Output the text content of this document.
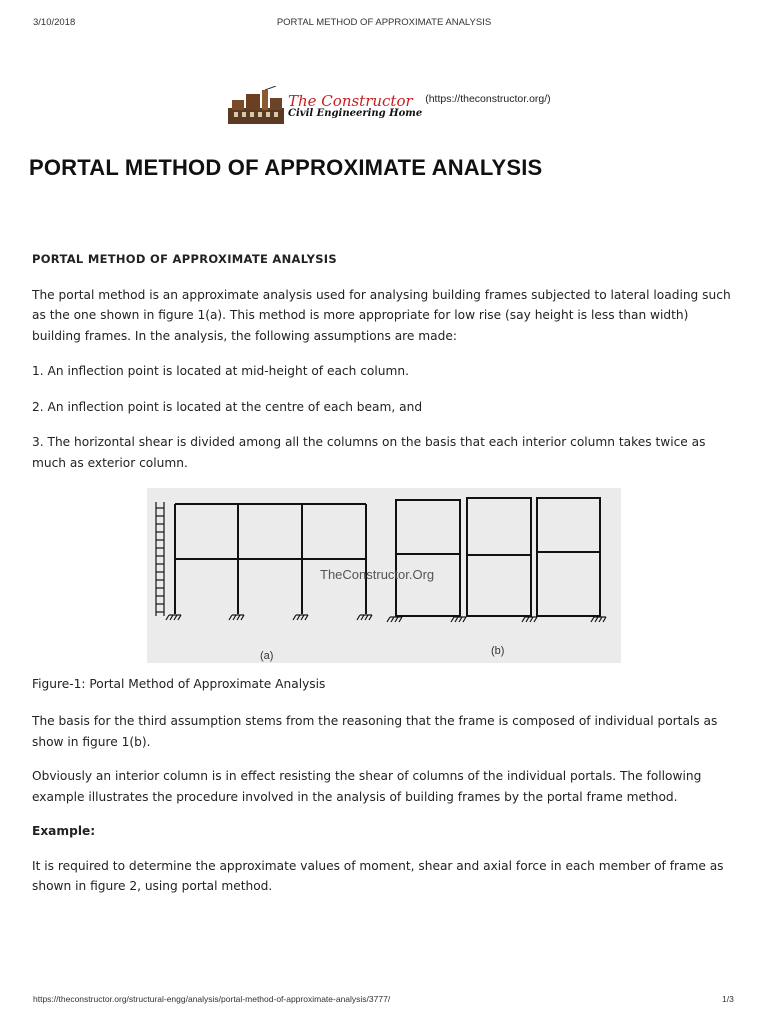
3/10/2018	PORTAL METHOD OF APPROXIMATE ANALYSIS
The Constructor
Civil Engineering Home
(https://theconstructor.org/)
PORTAL METHOD OF APPROXIMATE ANALYSIS

PORTAL METHOD OF APPROXIMATE ANALYSIS

The portal method is an approximate analysis used for analysing building frames subjected to lateral loading such as the one shown in figure 1(a). This method is more appropriate for low rise (say height is less than width) building frames. In the analysis, the following assumptions are made:

1. An inflection point is located at mid-height of each column.

2. An inflection point is located at the centre of each beam, and

3. The horizontal shear is divided among all the columns on the basis that each interior column takes twice as much as exterior column.

TheConstructor.Org
(a)	(b)
Figure-1: Portal Method of Approximate Analysis

The basis for the third assumption stems from the reasoning that the frame is composed of individual portals as show in figure 1(b).

Obviously an interior column is in effect resisting the shear of columns of the individual portals. The following example illustrates the procedure involved in the analysis of building frames by the portal frame method.

Example:

It is required to determine the approximate values of moment, shear and axial force in each member of frame as shown in figure 2, using portal method.

https://theconstructor.org/structural-engg/analysis/portal-method-of-approximate-analysis/3777/	1/3
